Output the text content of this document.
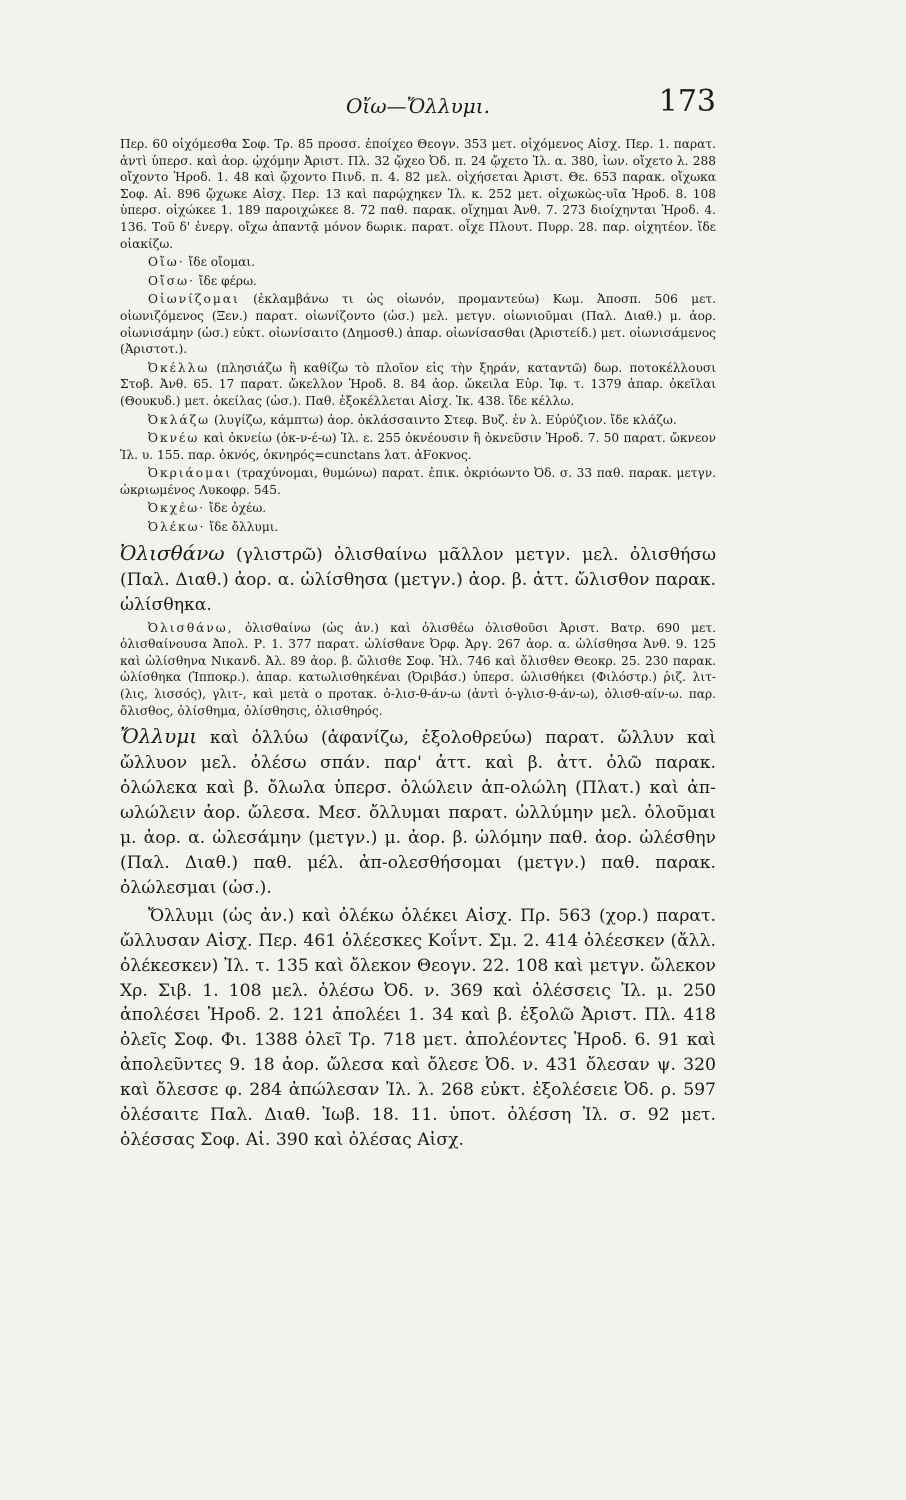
Οἴω—Ὄλλυμι.	173

Περ. 60 οἰχόμεσθα Σοφ. Τρ. 85 προσσ. ἐποίχεο Θεογν. 353 μετ. οἰχόμενος Αἰσχ. Περ. 1. παρατ. ἀντὶ ὑπερσ. καὶ ἀορ. ᾠχόμην Ἀριστ. Πλ. 32 ᾤχεο Ὀδ. π. 24 ᾤχετο Ἰλ. α. 380, ἰων. οἴχετο λ. 288 οἴχοντο Ἡροδ. 1. 48 καὶ ᾤχοντο Πινδ. π. 4. 82 μελ. οἰχήσεται Ἀριστ. Θε. 653 παρακ. οἴχωκα Σοφ. Αἰ. 896 ᾤχωκε Αἰσχ. Περ. 13 καὶ παρῴχηκεν Ἰλ. κ. 252 μετ. οἰχωκὼς-υῖα Ἡροδ. 8. 108 ὑπερσ. οἰχώκεε 1. 189 παροιχώκεε 8. 72 παθ. παρακ. οἴχημαι Ἀνθ. 7. 273 διοίχηνται Ἡροδ. 4. 136. Τοῦ δ' ἐνεργ. οἴχω ἀπαντᾷ μόνον δωρικ. παρατ. οἶχε Πλουτ. Πυρρ. 28. παρ. οἰχητέον. ἴδε οἰακίζω.

Οἴω· ἴδε οἴομαι.

Οἴσω· ἴδε φέρω.

Οἰωνίζομαι (ἐκλαμβάνω τι ὡς οἰωνόν, προμαντεύω) Κωμ. Ἀποσπ. 506 μετ. οἰωνιζόμενος (Ξεν.) παρατ. οἰωνίζοντο (ὡσ.) μελ. μετγν. οἰωνιοῦμαι (Παλ. Διαθ.) μ. ἀορ. οἰωνισάμην (ὡσ.) εὐκτ. οἰωνίσαιτο (Δημοσθ.) ἀπαρ. οἰωνίσασθαι (Ἀριστείδ.) μετ. οἰωνισάμενος (Ἀριστοτ.).

Ὀκέλλω (πλησιάζω ἢ καθίζω τὸ πλοῖον εἰς τὴν ξηράν, καταντῶ) δωρ. ποτοκέλλουσι Στοβ. Ἀνθ. 65. 17 παρατ. ὤκελλον Ἡροδ. 8. 84 ἀορ. ὤκειλα Εὐρ. Ἰφ. τ. 1379 ἀπαρ. ὀκεῖλαι (Θουκυδ.) μετ. ὀκείλας (ὡσ.). Παθ. ἐξοκέλλεται Αἰσχ. Ἱκ. 438. ἴδε κέλλω.

Ὀκλάζω (λυγίζω, κάμπτω) ἀορ. ὀκλάσσαιντο Στεφ. Βυζ. ἐν λ. Εὐρύζιον. ἴδε κλάζω.

Ὀκνέω καὶ ὀκνείω (ὀκ-ν-έ-ω) Ἰλ. ε. 255 ὀκνέουσιν ἢ ὀκνεῦσιν Ἡροδ. 7. 50 παρατ. ὤκνεον Ἰλ. υ. 155. παρ. ὀκνός, ὀκνηρός=cunctans λατ. ἀFοκνος.

Ὀκριάομαι (τραχύνομαι, θυμώνω) παρατ. ἐπικ. ὀκριόωντο Ὀδ. σ. 33 παθ. παρακ. μετγν. ὠκριωμένος Λυκοφρ. 545.

Ὀκχέω· ἴδε ὀχέω.

Ὀλέκω· ἴδε ὄλλυμι.

Ὀλισθάνω (γλιστρῶ) ὀλισθαίνω μᾶλλον μετγν. μελ. ὀλισθήσω (Παλ. Διαθ.) ἀορ. α. ὠλίσθησα (μετγν.) ἀορ. β. ἀττ. ὤλισθον παρακ. ὠλίσθηκα.

Ὀλισθάνω, ὀλισθαίνω (ὡς ἀν.) καὶ ὀλισθέω ὀλισθοῦσι Ἀριστ. Βατρ. 690 μετ. ὀλισθαίνουσα Ἀπολ. Ρ. 1. 377 παρατ. ὠλίσθανε Ὀρφ. Ἀργ. 267 ἀορ. α. ὠλίσθησα Ἀνθ. 9. 125 καὶ ὠλίσθηνα Νικανδ. Ἀλ. 89 ἀορ. β. ὤλισθε Σοφ. Ἠλ. 746 καὶ ὄλισθεν Θεοκρ. 25. 230 παρακ. ὠλίσθηκα (Ἱπποκρ.). ἀπαρ. κατωλισθηκέναι (Ὀριβάσ.) ὑπερσ. ὠλισθήκει (Φιλόστρ.) ῥιζ. λιτ- (λις, λισσός), γλιτ-, καὶ μετὰ ο προτακ. ὀ-λισ-θ-άν-ω (ἀντὶ ὀ-γλισ-θ-άν-ω), ὀλισθ-αίν-ω. παρ. ὄλισθος, ὀλίσθημα, ὀλίσθησις, ὀλισθηρός.

Ὄλλυμι καὶ ὀλλύω (ἀφανίζω, ἐξολοθρεύω) παρατ. ὤλλυν καὶ ὤλλυον μελ. ὀλέσω σπάν. παρ' ἀττ. καὶ β. ἀττ. ὀλῶ παρακ. ὀλώλεκα καὶ β. ὄλωλα ὑπερσ. ὀλώλειν ἀπ-ολώλη (Πλατ.) καὶ ἀπ-ωλώλειν ἀορ. ὤλεσα. Μεσ. ὄλλυμαι παρατ. ὠλλύμην μελ. ὀλοῦμαι μ. ἀορ. α. ὠλεσάμην (μετγν.) μ. ἀορ. β. ὠλόμην παθ. ἀορ. ὠλέσθην (Παλ. Διαθ.) παθ. μέλ. ἀπ-ολεσθήσομαι (μετγν.) παθ. παρακ. ὀλώλεσμαι (ὡσ.).

Ὄλλυμι (ὡς ἀν.) καὶ ὀλέκω ὀλέκει Αἰσχ. Πρ. 563 (χορ.) παρατ. ὤλλυσαν Αἰσχ. Περ. 461 ὀλέεσκες Κοΐντ. Σμ. 2. 414 ὀλέεσκεν (ἄλλ. ὀλέκεσκεν) Ἰλ. τ. 135 καὶ ὄλεκον Θεογν. 22. 108 καὶ μετγν. ὤλεκον Χρ. Σιβ. 1. 108 μελ. ὀλέσω Ὀδ. ν. 369 καὶ ὀλέσσεις Ἰλ. μ. 250 ἀπολέσει Ἡροδ. 2. 121 ἀπολέει 1. 34 καὶ β. ἐξολῶ Ἀριστ. Πλ. 418 ὀλεῖς Σοφ. Φι. 1388 ὀλεῖ Τρ. 718 μετ. ἀπολέοντες Ἡροδ. 6. 91 καὶ ἀπολεῦντες 9. 18 ἀορ. ὤλεσα καὶ ὄλεσε Ὀδ. ν. 431 ὄλεσαν ψ. 320 καὶ ὄλεσσε φ. 284 ἀπώλεσαν Ἰλ. λ. 268 εὐκτ. ἐξολέσειε Ὀδ. ρ. 597 ὀλέσαιτε Παλ. Διαθ. Ἰωβ. 18. 11. ὑποτ. ὀλέσση Ἰλ. σ. 92 μετ. ὀλέσσας Σοφ. Αἰ. 390 καὶ ὀλέσας Αἰσχ.
